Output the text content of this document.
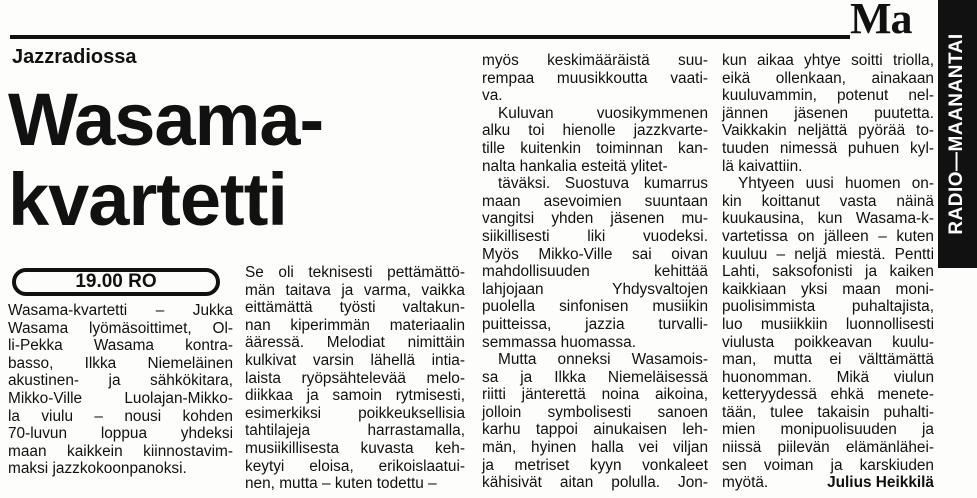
Ma
RADIO—MAANANTAI
Jazzradiossa
Wasama-
kvartetti
19.00 RO
Wasama-kvartetti – Jukka
Wasama lyömäsoittimet, Ol-
li-Pekka Wasama kontra-
basso, Ilkka Niemeläinen
akustinen- ja sähkökitara,
Mikko-Ville Luolajan-Mikko-
la viulu – nousi kohden
70-luvun loppua yhdeksi
maan kaikkein kiinnostavim-
maksi jazzkokoonpanoksi.
Se oli teknisesti pettämättö-
män taitava ja varma, vaikka
eittämättä työsti valtakun-
nan kiperimmän materiaalin
ääressä. Melodiat nimittäin
kulkivat varsin lähellä intia-
laista ryöpsähtelevää melo-
diikkaa ja samoin rytmisesti,
esimerkiksi poikkeuksellisia
tahtilajeja harrastamalla,
musiikillisesta kuvasta keh-
keytyi eloisa, erikoislaatui-
nen, mutta – kuten todettu –
myös keskimääräistä suu-
rempaa muusikkoutta vaati-
va.
Kuluvan vuosikymmenen
alku toi hienolle jazzkvarte-
tille kuitenkin toiminnan kan-
nalta hankalia esteitä ylitet-
täväksi. Suostuva kumarrus
maan asevoimien suuntaan
vangitsi yhden jäsenen mu-
siikillisesti liki vuodeksi.
Myös Mikko-Ville sai oivan
mahdollisuuden kehittää
lahjojaan Yhdysvaltojen
puolella sinfonisen musiikin
puitteissa, jazzia turvalli-
semmassa huomassa.
Mutta onneksi Wasamois-
sa ja Ilkka Niemeläisessä
riitti jänterettä noina aikoina,
jolloin symbolisesti sanoen
karhu tappoi ainukaisen leh-
män, hyinen halla vei viljan
ja metriset kyyn vonkaleet
kähisivät aitan polulla. Jon-
kun aikaa yhtye soitti triolla,
eikä ollenkaan, ainakaan
kuuluvammin, potenut nel-
jännen jäsenen puutetta.
Vaikkakin neljättä pyörää to-
tuuden nimessä puhuen kyl-
lä kaivattiin.
Yhtyeen uusi huomen on-
kin koittanut vasta näinä
kuukausina, kun Wasama-k-
vartetissa on jälleen – kuten
kuuluu – neljä miestä. Pentti
Lahti, saksofonisti ja kaiken
kaikkiaan yksi maan moni-
puolisimmista puhaltajista,
luo musiikkiin luonnollisesti
viulusta poikkeavan kuulu-
man, mutta ei välttämättä
huonomman. Mikä viulun
ketteryydessä ehkä menete-
tään, tulee takaisin puhalti-
mien monipuolisuuden ja
niissä piilevän elämänlähei-
sen voiman ja karskiuden
myötä.	Julius Heikkilä
